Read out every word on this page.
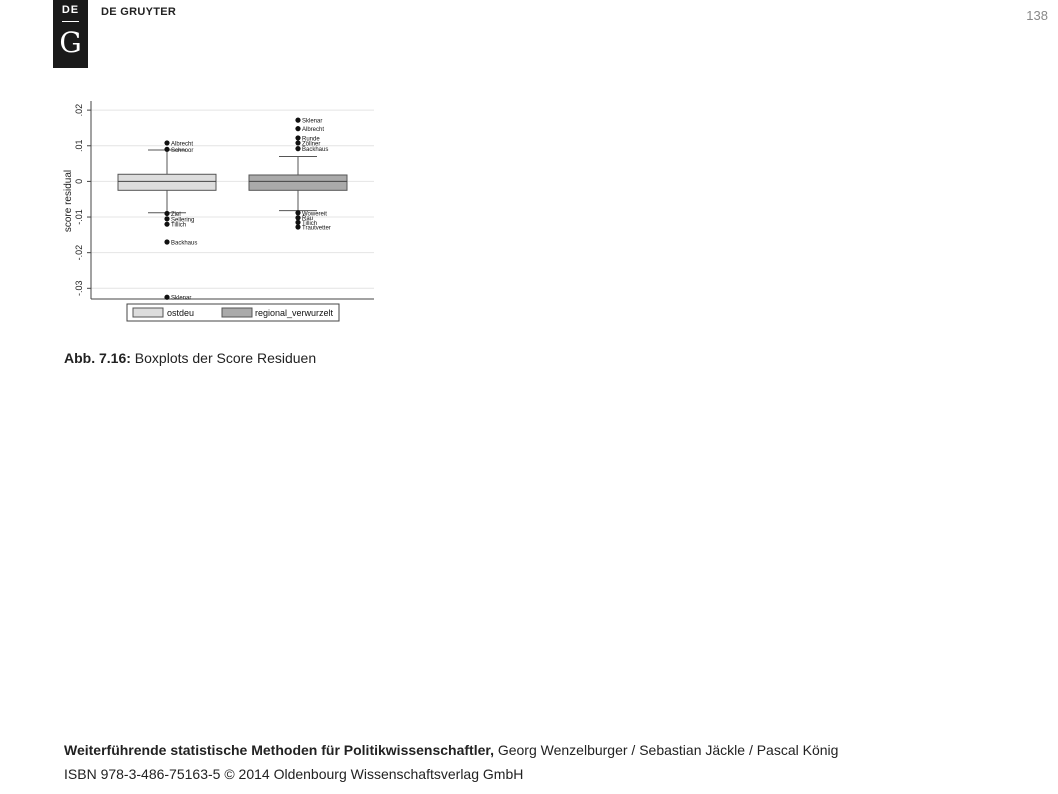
DE
G
DE GRUYTER	138
.02
.01
0
-.01
-.02
-.03
score residual
Albrecht
Schnoor
Ziel
Sellering
Tillich
Backhaus
Sklenar
Sklenar
Albrecht
Runde
Zöllner
Backhaus
Wowereit
Rau
Tillich
Trautvetter
ostdeu	regional_verwurzelt
Abb. 7.16: Boxplots der Score Residuen
Weiterführende statistische Methoden für Politikwissenschaftler, Georg Wenzelburger / Sebastian Jäckle / Pascal König
ISBN 978-3-486-75163-5 © 2014 Oldenbourg Wissenschaftsverlag GmbH
